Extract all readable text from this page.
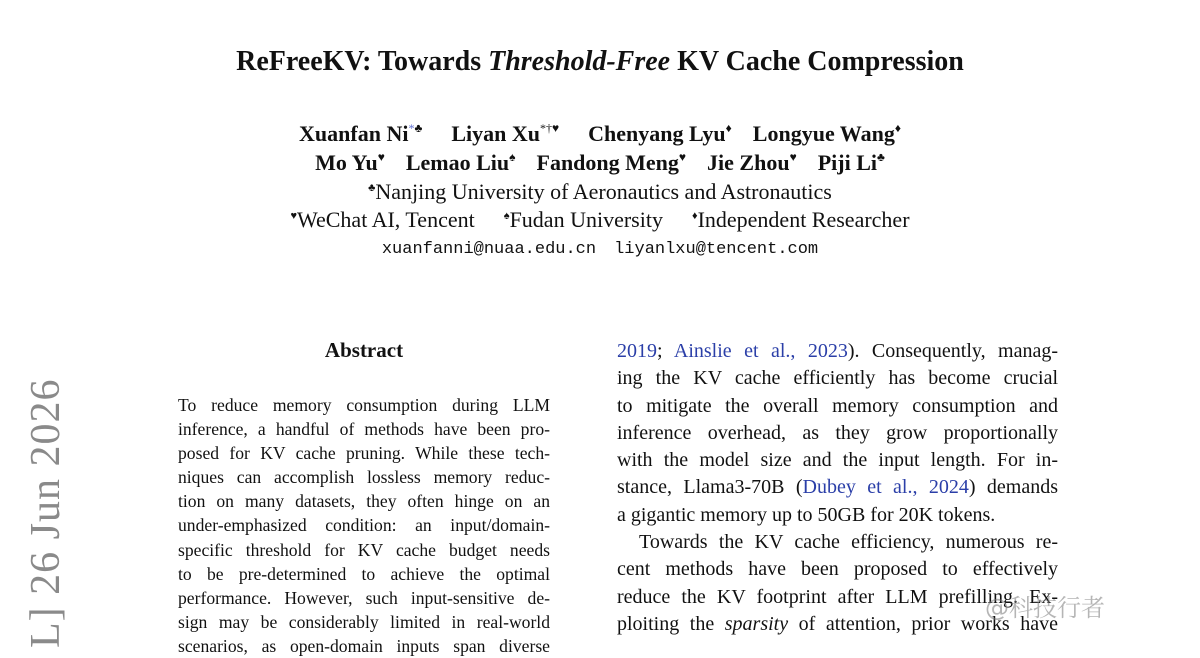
ReFreeKV: Towards Threshold-Free KV Cache Compression
Xuanfan Ni*♣ Liyan Xu*†♥ Chenyang Lyu♦ Longyue Wang♦
Mo Yu♥ Lemao Liu♠ Fandong Meng♥ Jie Zhou♥ Piji Li♣
♣Nanjing University of Aeronautics and Astronautics
♥WeChat AI, Tencent	♠Fudan University	♦Independent Researcher
xuanfanni@nuaa.edu.cn liyanlxu@tencent.com
Abstract
To reduce memory consumption during LLM
inference, a handful of methods have been pro-
posed for KV cache pruning. While these tech-
niques can accomplish lossless memory reduc-
tion on many datasets, they often hinge on an
under-emphasized condition: an input/domain-
specific threshold for KV cache budget needs
to be pre-determined to achieve the optimal
performance. However, such input-sensitive de-
sign may be considerably limited in real-world
scenarios, as open-domain inputs span diverse
2019; Ainslie et al., 2023). Consequently, manag-
ing the KV cache efficiently has become crucial
to mitigate the overall memory consumption and
inference overhead, as they grow proportionally
with the model size and the input length. For in-
stance, Llama3-70B (Dubey et al., 2024) demands
a gigantic memory up to 50GB for 20K tokens.
Towards the KV cache efficiency, numerous re-
cent methods have been proposed to effectively
reduce the KV footprint after LLM prefilling. Ex-
ploiting the sparsity of attention, prior works have
L] 26 Jun 2026	@科技行者
